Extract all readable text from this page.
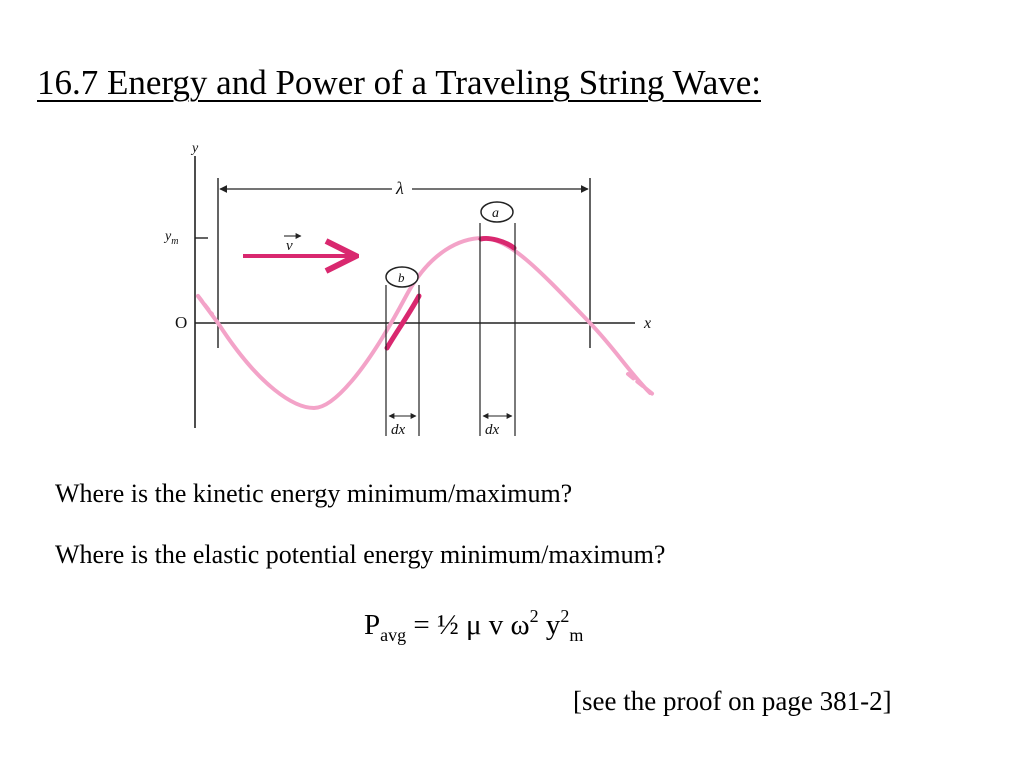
16.7 Energy and Power of a Traveling String Wave:
y
x
O
$y_m$
λ
b
dx
a
dx
v

Where is the kinetic energy minimum/maximum?

Where is the elastic potential energy minimum/maximum?

$P_{avg}$ = ½ μ v $\omega^2$ $y^2_m$

[see the proof on page 381-2]
